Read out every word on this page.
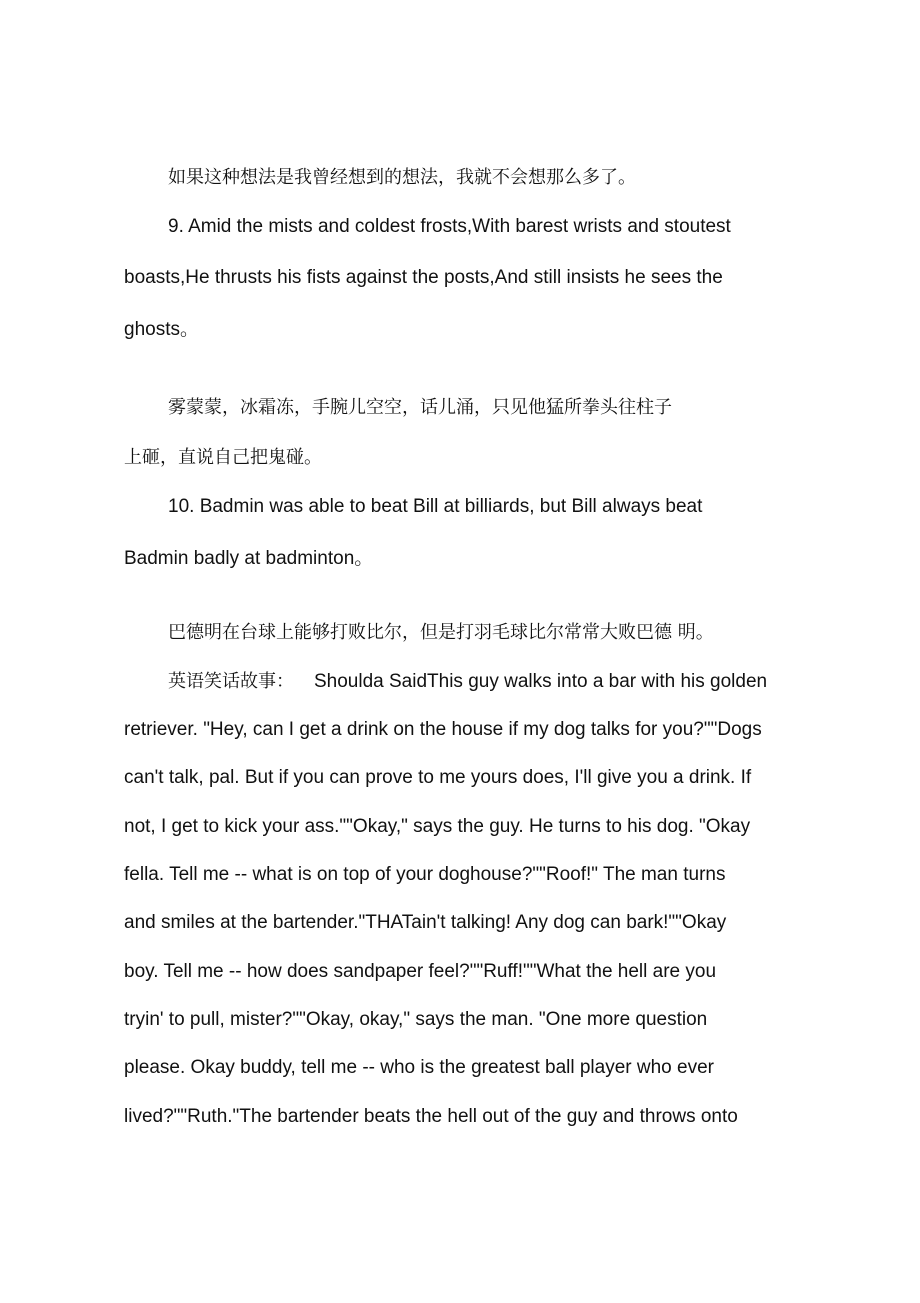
如果这种想法是我曾经想到的想法，我就不会想那么多了。
9. Amid the mists and coldest frosts,With barest wrists and stoutest
boasts,He thrusts his fists against the posts,And still insists he sees the
ghosts。
雾蒙蒙，冰霜冻，手腕儿空空，话儿涌，只见他猛所拳头往柱子
上砸，直说自己把鬼碰。
10. Badmin was able to beat Bill at billiards, but Bill always beat
Badmin badly at badminton。
巴德明在台球上能够打败比尔，但是打羽毛球比尔常常大败巴德 明。
英语笑话故事： Shoulda SaidThis guy walks into a bar with his golden
retriever. "Hey, can I get a drink on the house if my dog talks for you?""Dogs
can't talk, pal. But if you can prove to me yours does, I'll give you a drink. If
not, I get to kick your ass.""Okay," says the guy. He turns to his dog. "Okay
fella. Tell me -- what is on top of your doghouse?""Roof!" The man turns
and smiles at the bartender."THATain't talking! Any dog can bark!""Okay
boy. Tell me -- how does sandpaper feel?""Ruff!""What the hell are you
tryin' to pull, mister?""Okay, okay," says the man. "One more question
please. Okay buddy, tell me -- who is the greatest ball player who ever
lived?""Ruth."The bartender beats the hell out of the guy and throws onto
